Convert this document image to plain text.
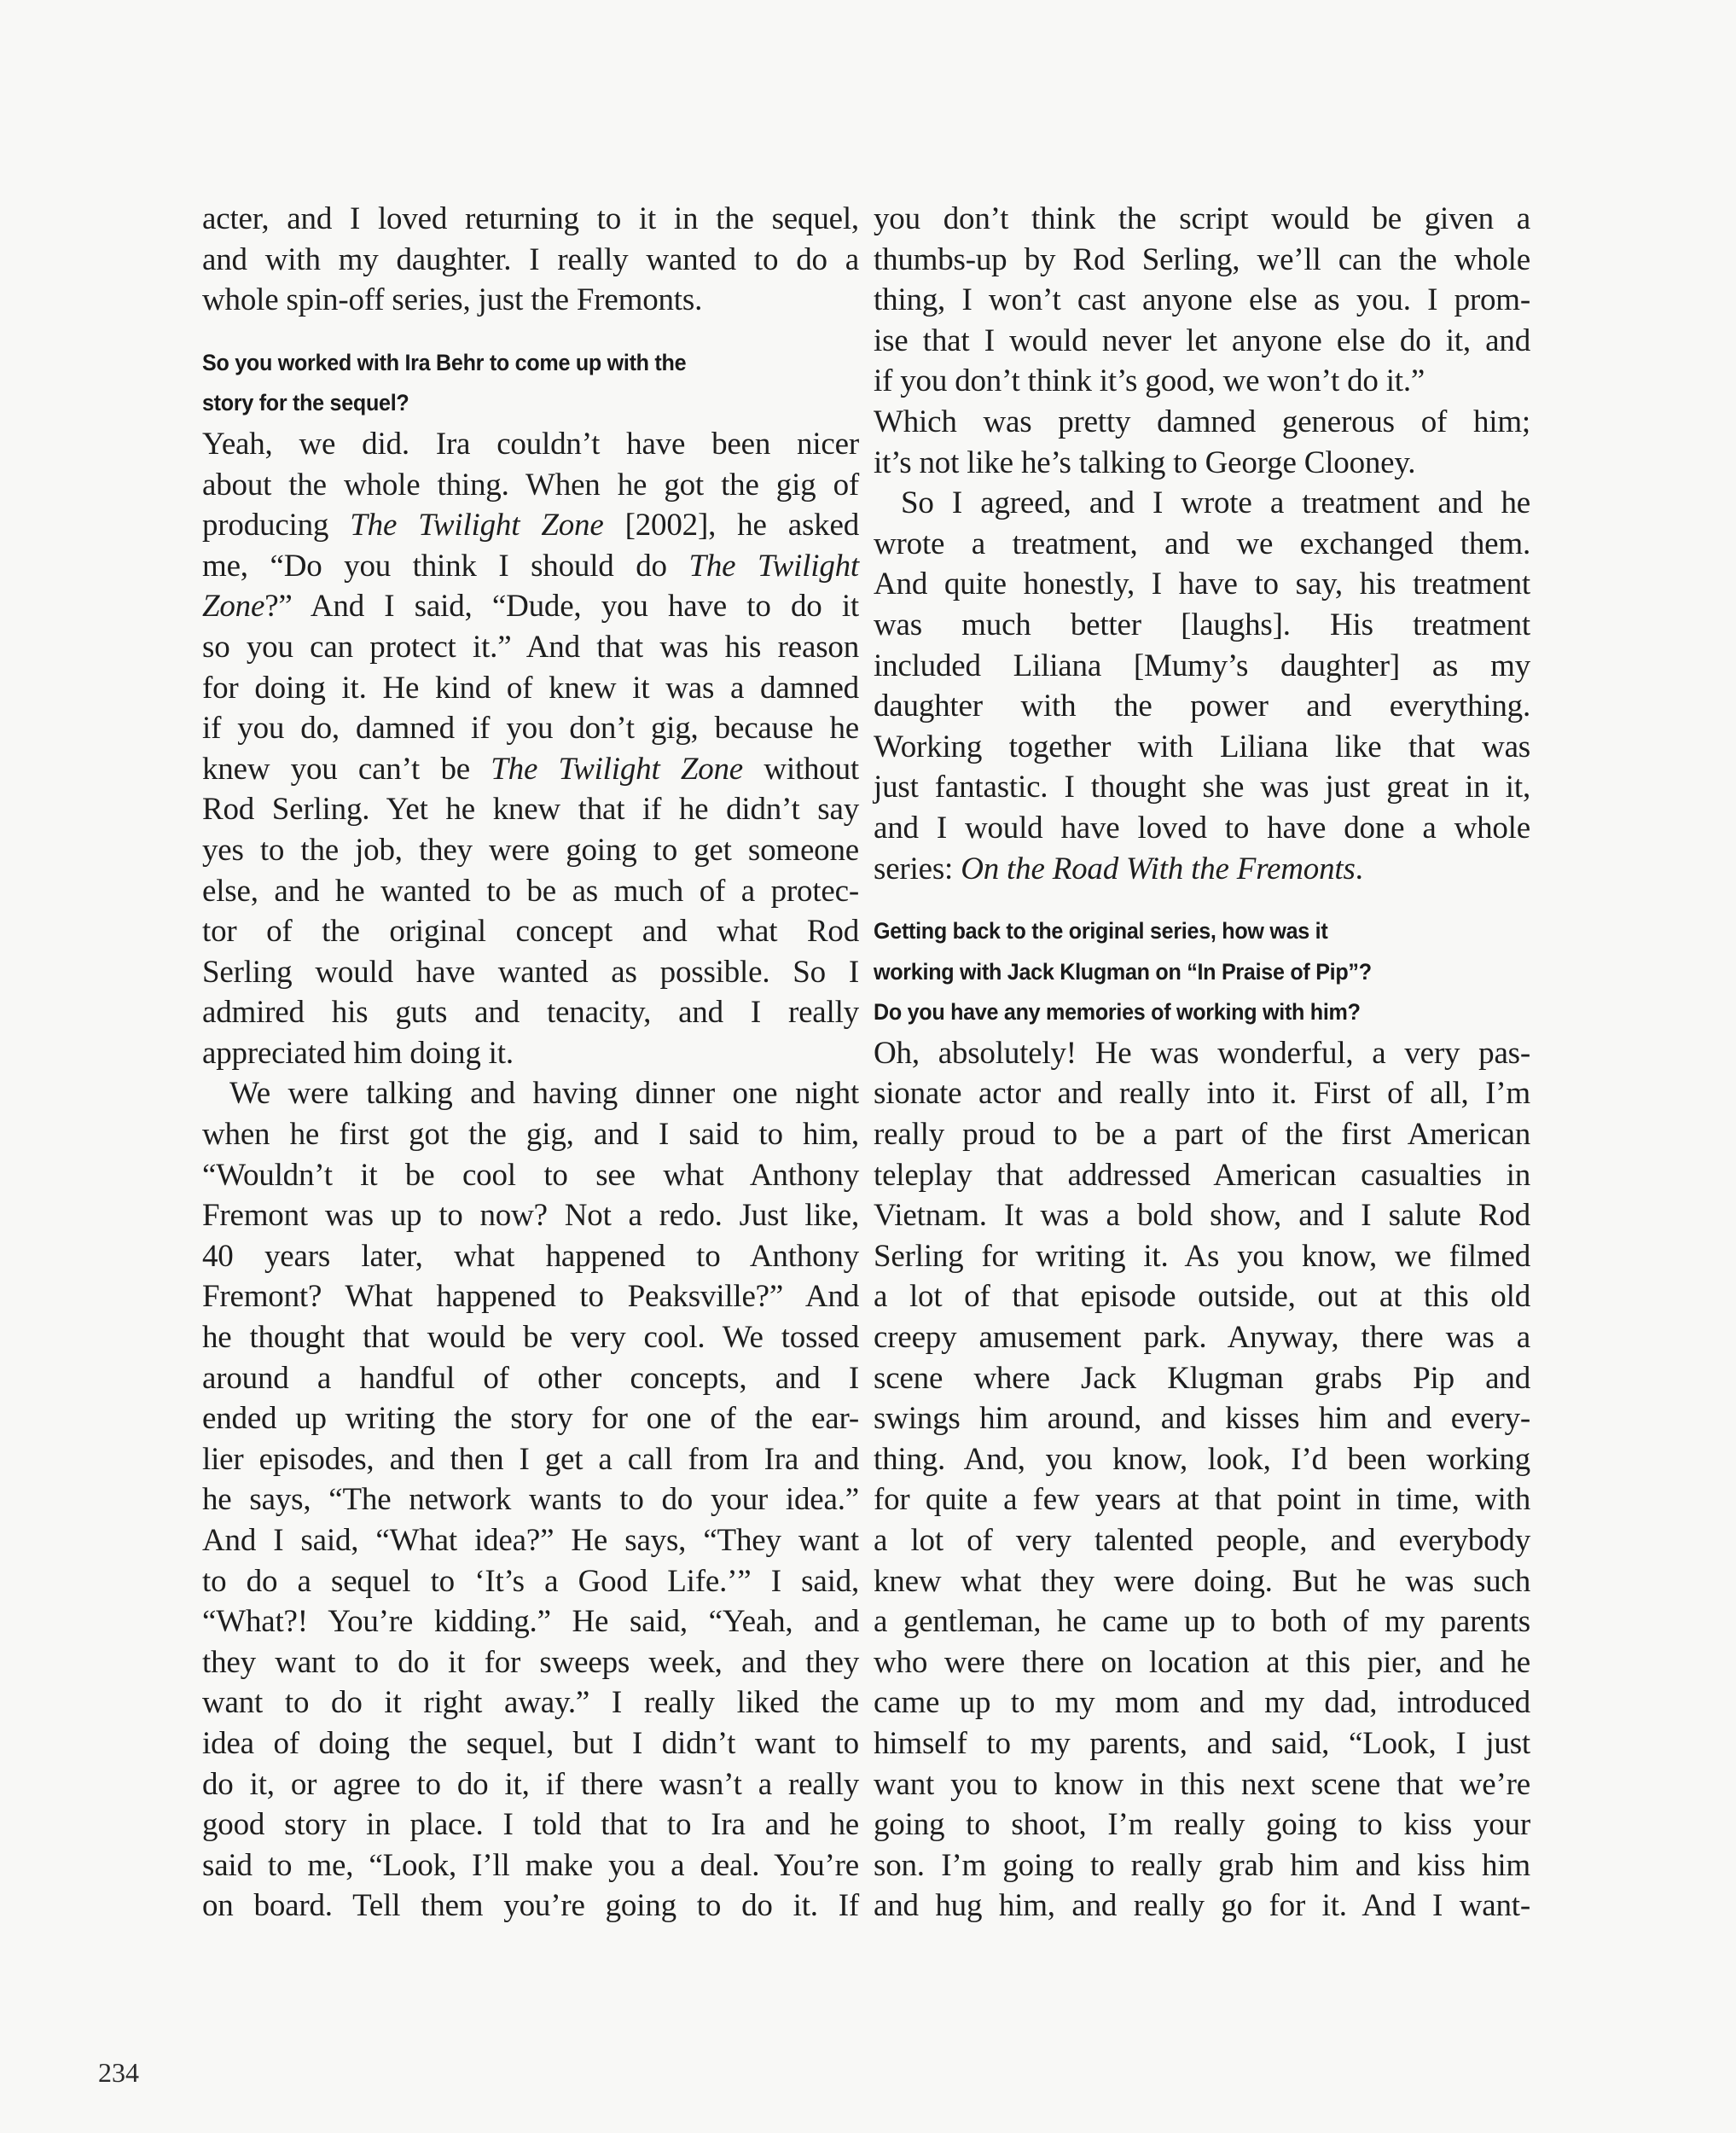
acter, and I loved returning to it in the sequel,
and with my daughter. I really wanted to do a
whole spin-off series, just the Fremonts.
So you worked with Ira Behr to come up with the
story for the sequel?
Yeah, we did. Ira couldn’t have been nicer
about the whole thing. When he got the gig of
producing The Twilight Zone [2002], he asked
me, “Do you think I should do The Twilight
Zone?” And I said, “Dude, you have to do it
so you can protect it.” And that was his reason
for doing it. He kind of knew it was a damned
if you do, damned if you don’t gig, because he
knew you can’t be The Twilight Zone without
Rod Serling. Yet he knew that if he didn’t say
yes to the job, they were going to get someone
else, and he wanted to be as much of a protec-
tor of the original concept and what Rod
Serling would have wanted as possible. So I
admired his guts and tenacity, and I really
appreciated him doing it.
We were talking and having dinner one night
when he first got the gig, and I said to him,
“Wouldn’t it be cool to see what Anthony
Fremont was up to now? Not a redo. Just like,
40 years later, what happened to Anthony
Fremont? What happened to Peaksville?” And
he thought that would be very cool. We tossed
around a handful of other concepts, and I
ended up writing the story for one of the ear-
lier episodes, and then I get a call from Ira and
he says, “The network wants to do your idea.”
And I said, “What idea?” He says, “They want
to do a sequel to ‘It’s a Good Life.’” I said,
“What?! You’re kidding.” He said, “Yeah, and
they want to do it for sweeps week, and they
want to do it right away.” I really liked the
idea of doing the sequel, but I didn’t want to
do it, or agree to do it, if there wasn’t a really
good story in place. I told that to Ira and he
said to me, “Look, I’ll make you a deal. You’re
on board. Tell them you’re going to do it. If
you don’t think the script would be given a
thumbs-up by Rod Serling, we’ll can the whole
thing, I won’t cast anyone else as you. I prom-
ise that I would never let anyone else do it, and
if you don’t think it’s good, we won’t do it.”
Which was pretty damned generous of him;
it’s not like he’s talking to George Clooney.
So I agreed, and I wrote a treatment and he
wrote a treatment, and we exchanged them.
And quite honestly, I have to say, his treatment
was much better [laughs]. His treatment
included Liliana [Mumy’s daughter] as my
daughter with the power and everything.
Working together with Liliana like that was
just fantastic. I thought she was just great in it,
and I would have loved to have done a whole
series: On the Road With the Fremonts.
Getting back to the original series, how was it
working with Jack Klugman on “In Praise of Pip”?
Do you have any memories of working with him?
Oh, absolutely! He was wonderful, a very pas-
sionate actor and really into it. First of all, I’m
really proud to be a part of the first American
teleplay that addressed American casualties in
Vietnam. It was a bold show, and I salute Rod
Serling for writing it. As you know, we filmed
a lot of that episode outside, out at this old
creepy amusement park. Anyway, there was a
scene where Jack Klugman grabs Pip and
swings him around, and kisses him and every-
thing. And, you know, look, I’d been working
for quite a few years at that point in time, with
a lot of very talented people, and everybody
knew what they were doing. But he was such
a gentleman, he came up to both of my parents
who were there on location at this pier, and he
came up to my mom and my dad, introduced
himself to my parents, and said, “Look, I just
want you to know in this next scene that we’re
going to shoot, I’m really going to kiss your
son. I’m going to really grab him and kiss him
and hug him, and really go for it. And I want-
234
